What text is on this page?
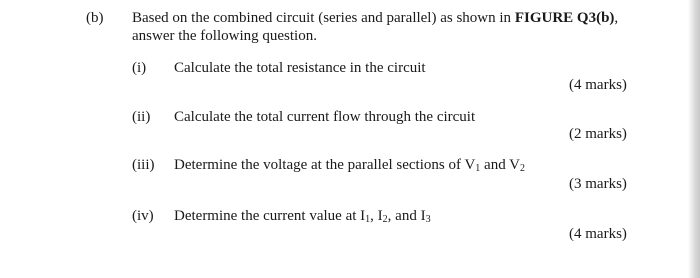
(b) Based on the combined circuit (series and parallel) as shown in FIGURE Q3(b),
answer the following question.
(i) Calculate the total resistance in the circuit
(4 marks)
(ii) Calculate the total current flow through the circuit
(2 marks)
(iii) Determine the voltage at the parallel sections of $V_1$ and $V_2$
(3 marks)
(iv) Determine the current value at $I_1$, $I_2$, and $I_3$
(4 marks)
